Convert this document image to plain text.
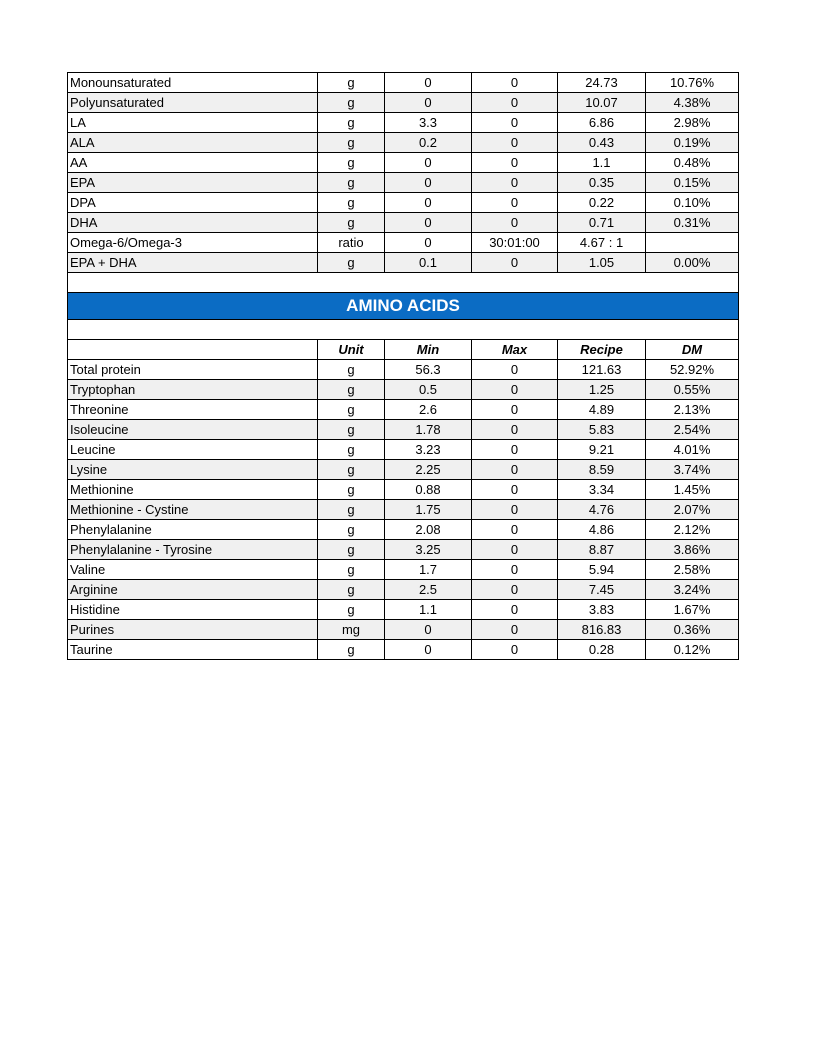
Monounsaturated	g	0	0	24.73	10.76%
Polyunsaturated	g	0	0	10.07	4.38%
LA	g	3.3	0	6.86	2.98%
ALA	g	0.2	0	0.43	0.19%
AA	g	0	0	1.1	0.48%
EPA	g	0	0	0.35	0.15%
DPA	g	0	0	0.22	0.10%
DHA	g	0	0	0.71	0.31%
Omega-6/Omega-3	ratio	0	30:01:00	4.67 : 1	
EPA + DHA	g	0.1	0	1.05	0.00%

AMINO ACIDS					

	Unit	Min	Max	Recipe	DM
Total protein	g	56.3	0	121.63	52.92%
Tryptophan	g	0.5	0	1.25	0.55%
Threonine	g	2.6	0	4.89	2.13%
Isoleucine	g	1.78	0	5.83	2.54%
Leucine	g	3.23	0	9.21	4.01%
Lysine	g	2.25	0	8.59	3.74%
Methionine	g	0.88	0	3.34	1.45%
Methionine - Cystine	g	1.75	0	4.76	2.07%
Phenylalanine	g	2.08	0	4.86	2.12%
Phenylalanine - Tyrosine	g	3.25	0	8.87	3.86%
Valine	g	1.7	0	5.94	2.58%
Arginine	g	2.5	0	7.45	3.24%
Histidine	g	1.1	0	3.83	1.67%
Purines	mg	0	0	816.83	0.36%
Taurine	g	0	0	0.28	0.12%
